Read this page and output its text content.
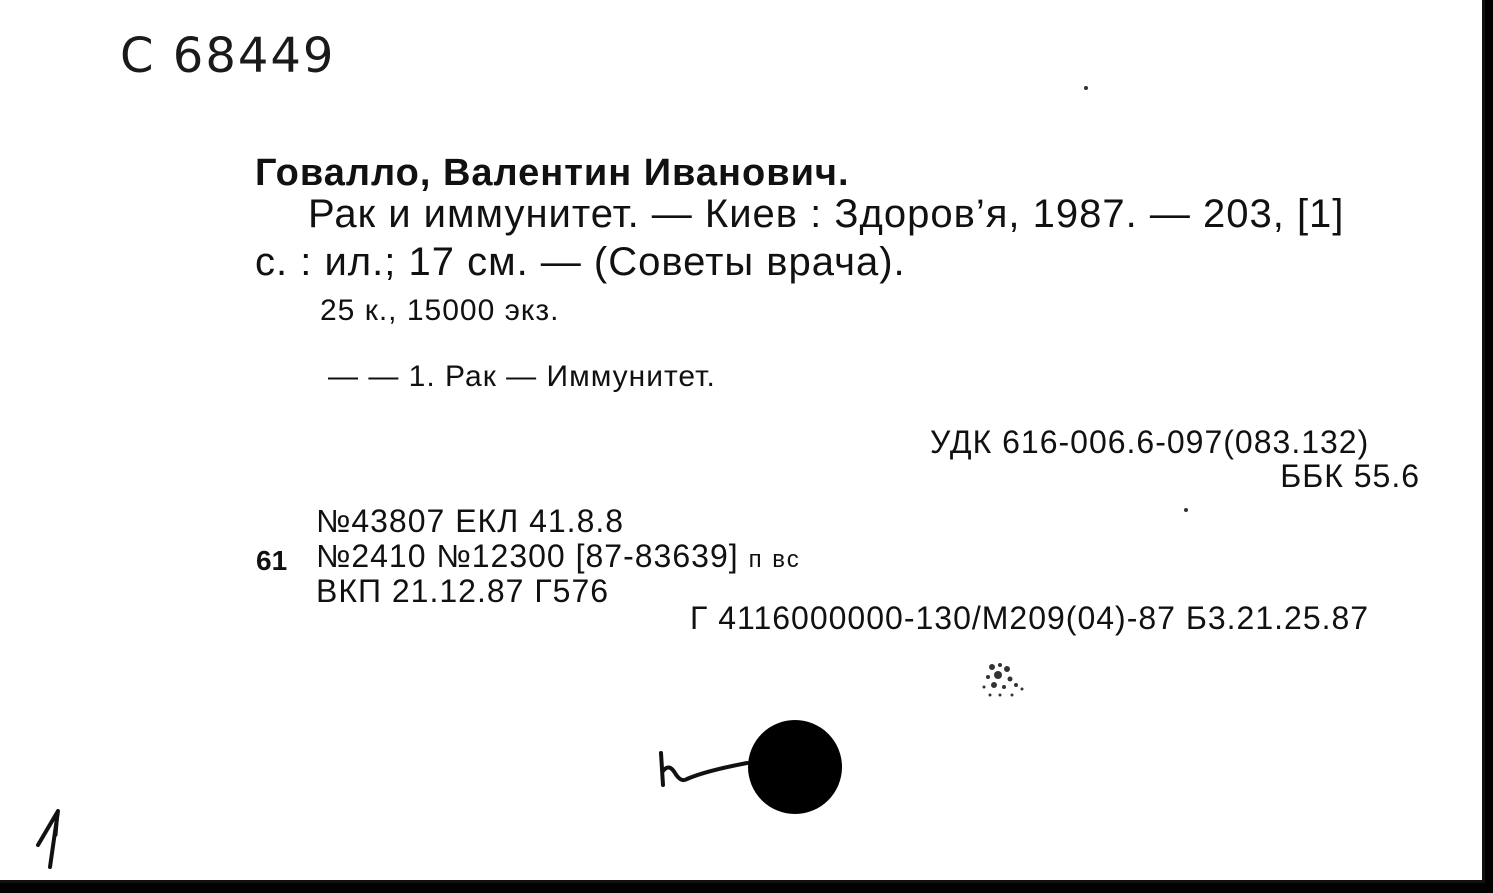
С 68449
Говалло, Валентин Иванович.
Рак и иммунитет. — Киев : Здоров’я, 1987. — 203, [1]
с. : ил.; 17 см. — (Советы врача).
25 к., 15000 экз.
— — 1. Рак — Иммунитет.
УДК 616-006.6-097(083.132)
ББК 55.6
№43807 ЕКЛ 41.8.8
61 №2410 №12300 [87-83639] п вс
ВКП 21.12.87 Г576
Г 4116000000-130/М209(04)-87 Б3.21.25.87
